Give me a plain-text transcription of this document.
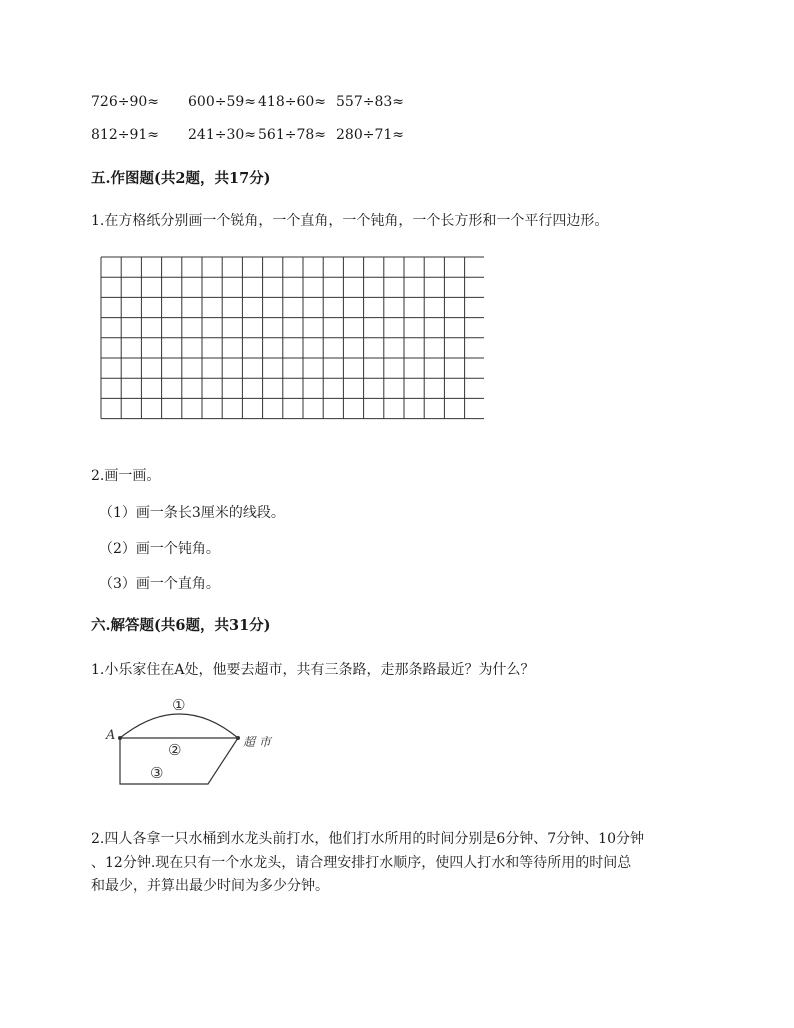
726÷90≈ 600÷59≈ 418÷60≈ 557÷83≈
812÷91≈ 241÷30≈ 561÷78≈ 280÷71≈
五.作图题(共2题，共17分)
1.在方格纸分别画一个锐角，一个直角，一个钝角，一个长方形和一个平行四边形。
2.画一画。
（1）画一条长3厘米的线段。
（2）画一个钝角。
（3）画一个直角。
六.解答题(共6题，共31分)
1.小乐家住在A处，他要去超市，共有三条路，走那条路最近？为什么？
A	超 市
①
②
③
2.四人各拿一只水桶到水龙头前打水，他们打水所用的时间分别是6分钟、7分钟、10分钟
、12分钟.现在只有一个水龙头，请合理安排打水顺序，使四人打水和等待所用的时间总
和最少，并算出最少时间为多少分钟。
